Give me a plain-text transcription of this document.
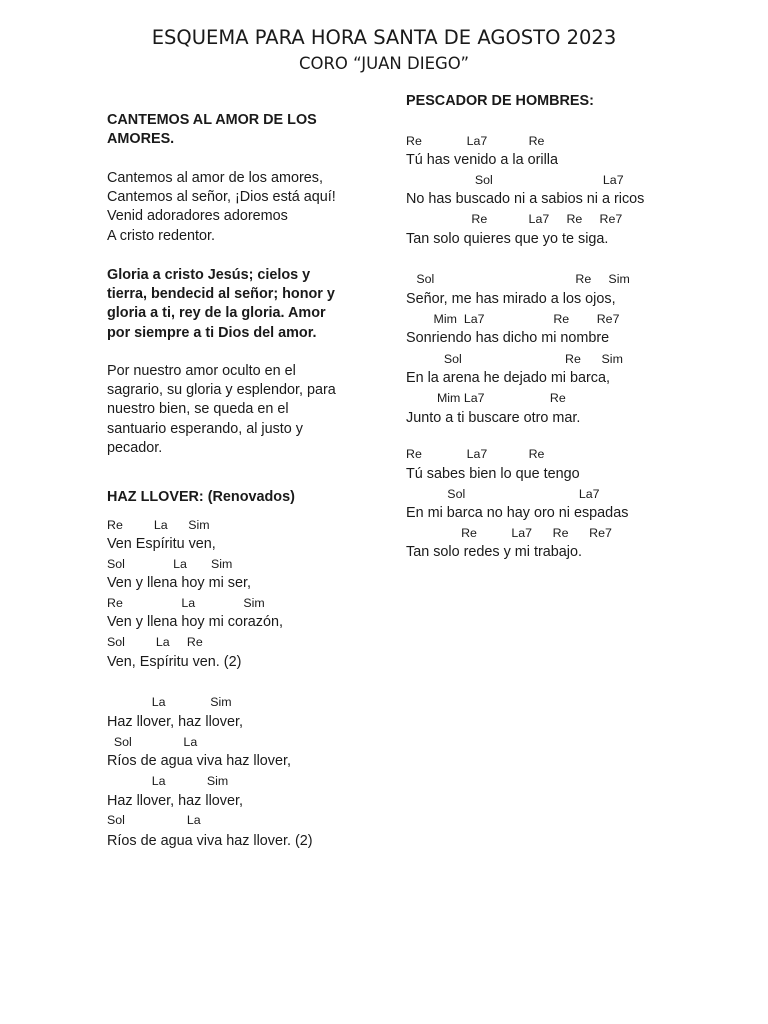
ESQUEMA PARA HORA SANTA DE AGOSTO 2023
CORO “JUAN DIEGO”
CANTEMOS AL AMOR DE LOS
AMORES.
Cantemos al amor de los amores,
Cantemos al señor, ¡Dios está aquí!
Venid adoradores adoremos
A cristo redentor.
Gloria a cristo Jesús; cielos y
tierra, bendecid al señor; honor y
gloria a ti, rey de la gloria. Amor
por siempre a ti Dios del amor.
Por nuestro amor oculto en el
sagrario, su gloria y esplendor, para
nuestro bien, se queda en el
santuario esperando, al justo y
pecador.
HAZ LLOVER: (Renovados)
Re         La      Sim
Ven Espíritu ven,
Sol              La       Sim
Ven y llena hoy mi ser,
Re                 La              Sim
Ven y llena hoy mi corazón,
Sol         La     Re
Ven, Espíritu ven. (2)
La             Sim
Haz llover, haz llover,
Sol               La
Ríos de agua viva haz llover,
La            Sim
Haz llover, haz llover,
Sol                  La
Ríos de agua viva haz llover. (2)
PESCADOR DE HOMBRES:
Re             La7            Re
Tú has venido a la orilla
Sol                                La7
No has buscado ni a sabios ni a ricos
Re            La7     Re     Re7
Tan solo quieres que yo te siga.
Sol                                         Re     Sim
Señor, me has mirado a los ojos,
Mim  La7                    Re        Re7
Sonriendo has dicho mi nombre
Sol                              Re      Sim
En la arena he dejado mi barca,
Mim La7                   Re
Junto a ti buscare otro mar.
Re             La7            Re
Tú sabes bien lo que tengo
Sol                                 La7
En mi barca no hay oro ni espadas
Re          La7      Re      Re7
Tan solo redes y mi trabajo.
